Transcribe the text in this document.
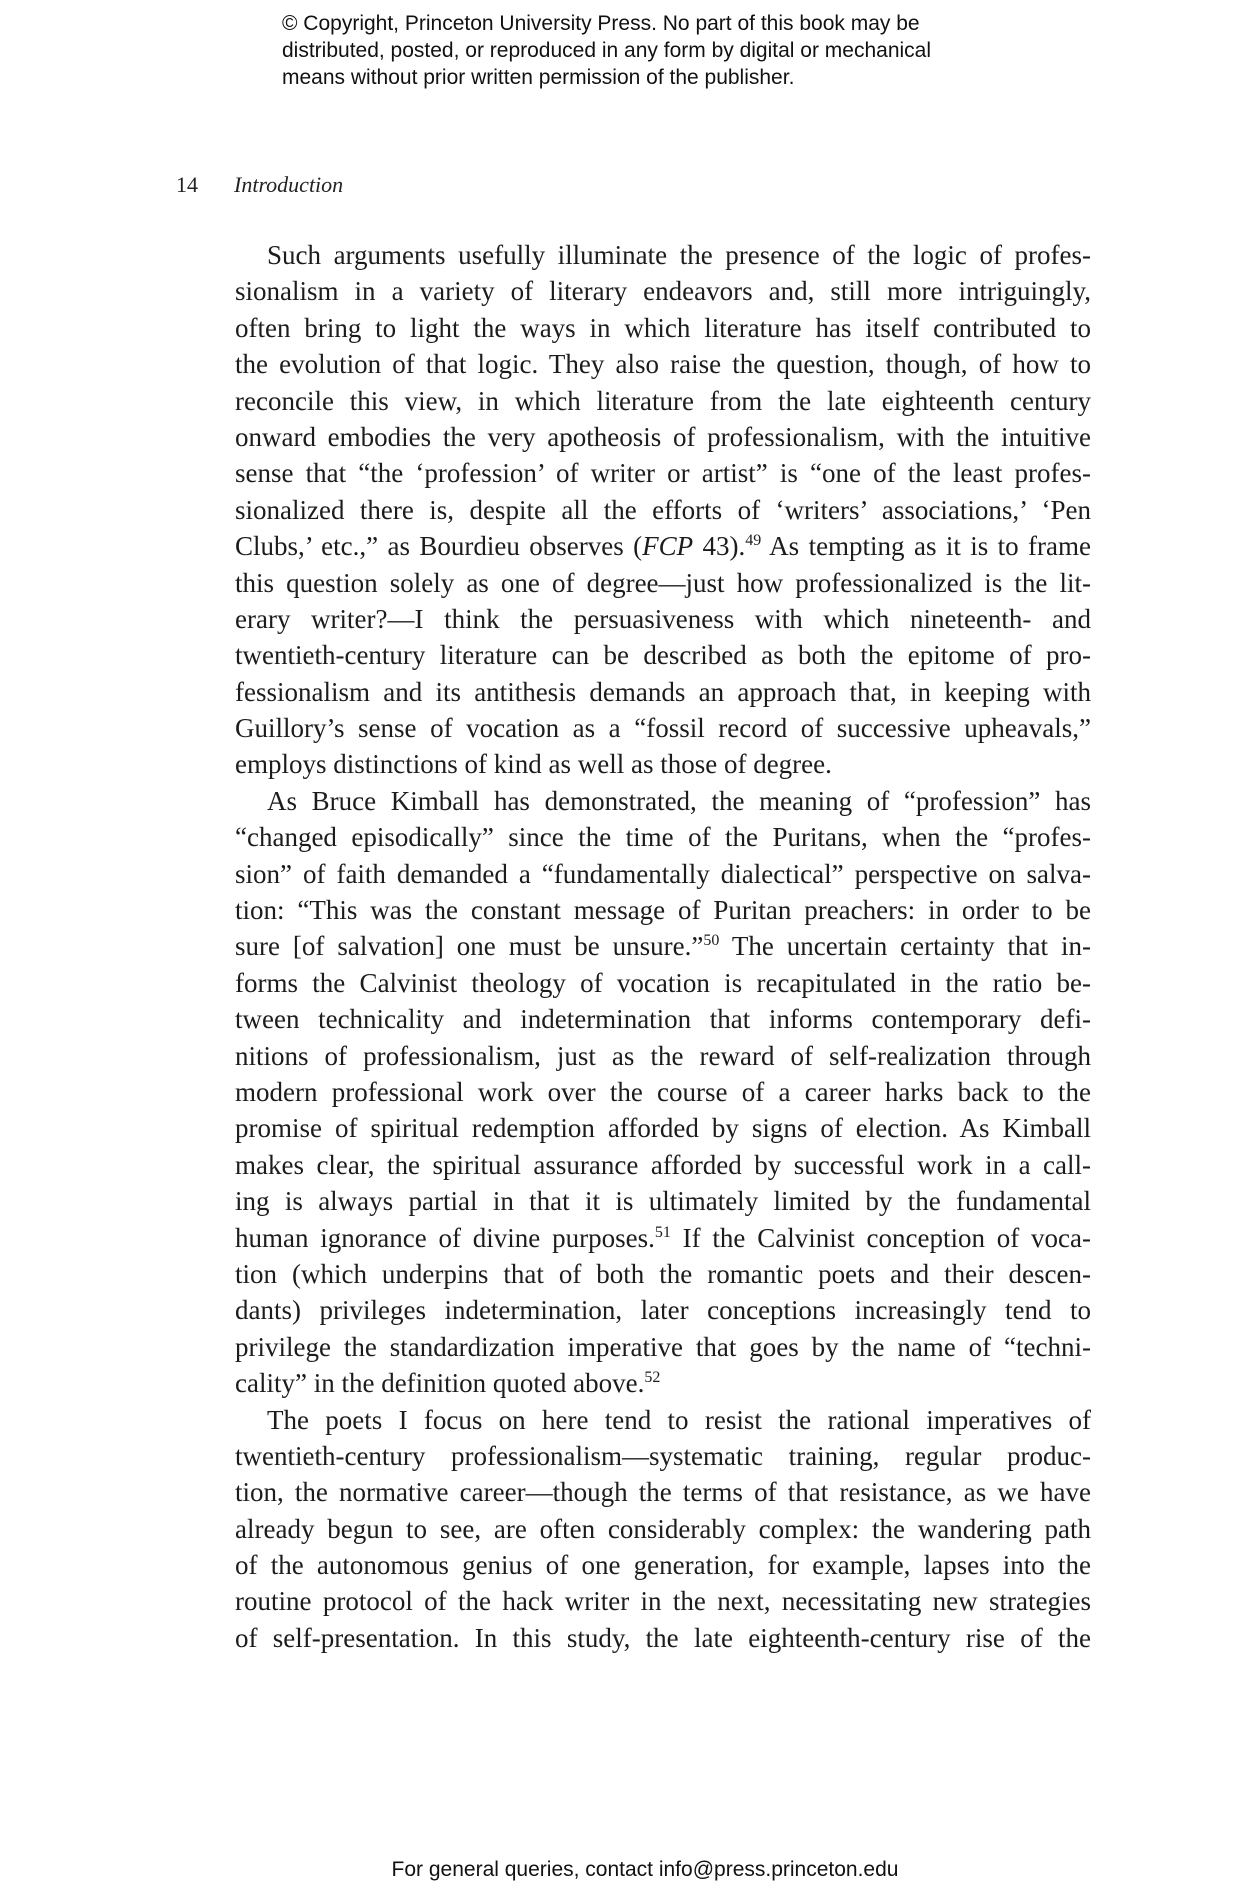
© Copyright, Princeton University Press. No part of this book may be
distributed, posted, or reproduced in any form by digital or mechanical
means without prior written permission of the publisher.
14 Introduction
Such arguments usefully illuminate the presence of the logic of profes-
sionalism in a variety of literary endeavors and, still more intriguingly,
often bring to light the ways in which literature has itself contributed to
the evolution of that logic. They also raise the question, though, of how to
reconcile this view, in which literature from the late eighteenth century
onward embodies the very apotheosis of professionalism, with the intuitive
sense that “the ‘profession’ of writer or artist” is “one of the least profes-
sionalized there is, despite all the efforts of ‘writers’ associations,’ ‘Pen
Clubs,’ etc.,” as Bourdieu observes (FCP 43).$^{49}$ As tempting as it is to frame
this question solely as one of degree—just how professionalized is the lit-
erary writer?—I think the persuasiveness with which nineteenth- and
twentieth-century literature can be described as both the epitome of pro-
fessionalism and its antithesis demands an approach that, in keeping with
Guillory’s sense of vocation as a “fossil record of successive upheavals,”
employs distinctions of kind as well as those of degree.
As Bruce Kimball has demonstrated, the meaning of “profession” has
“changed episodically” since the time of the Puritans, when the “profes-
sion” of faith demanded a “fundamentally dialectical” perspective on salva-
tion: “This was the constant message of Puritan preachers: in order to be
sure [of salvation] one must be unsure.”$^{50}$ The uncertain certainty that in-
forms the Calvinist theology of vocation is recapitulated in the ratio be-
tween technicality and indetermination that informs contemporary defi-
nitions of professionalism, just as the reward of self-realization through
modern professional work over the course of a career harks back to the
promise of spiritual redemption afforded by signs of election. As Kimball
makes clear, the spiritual assurance afforded by successful work in a call-
ing is always partial in that it is ultimately limited by the fundamental
human ignorance of divine purposes.$^{51}$ If the Calvinist conception of voca-
tion (which underpins that of both the romantic poets and their descen-
dants) privileges indetermination, later conceptions increasingly tend to
privilege the standardization imperative that goes by the name of “techni-
cality” in the definition quoted above.$^{52}$
The poets I focus on here tend to resist the rational imperatives of
twentieth-century professionalism—systematic training, regular produc-
tion, the normative career—though the terms of that resistance, as we have
already begun to see, are often considerably complex: the wandering path
of the autonomous genius of one generation, for example, lapses into the
routine protocol of the hack writer in the next, necessitating new strategies
of self-presentation. In this study, the late eighteenth-century rise of the
For general queries, contact info@press.princeton.edu
